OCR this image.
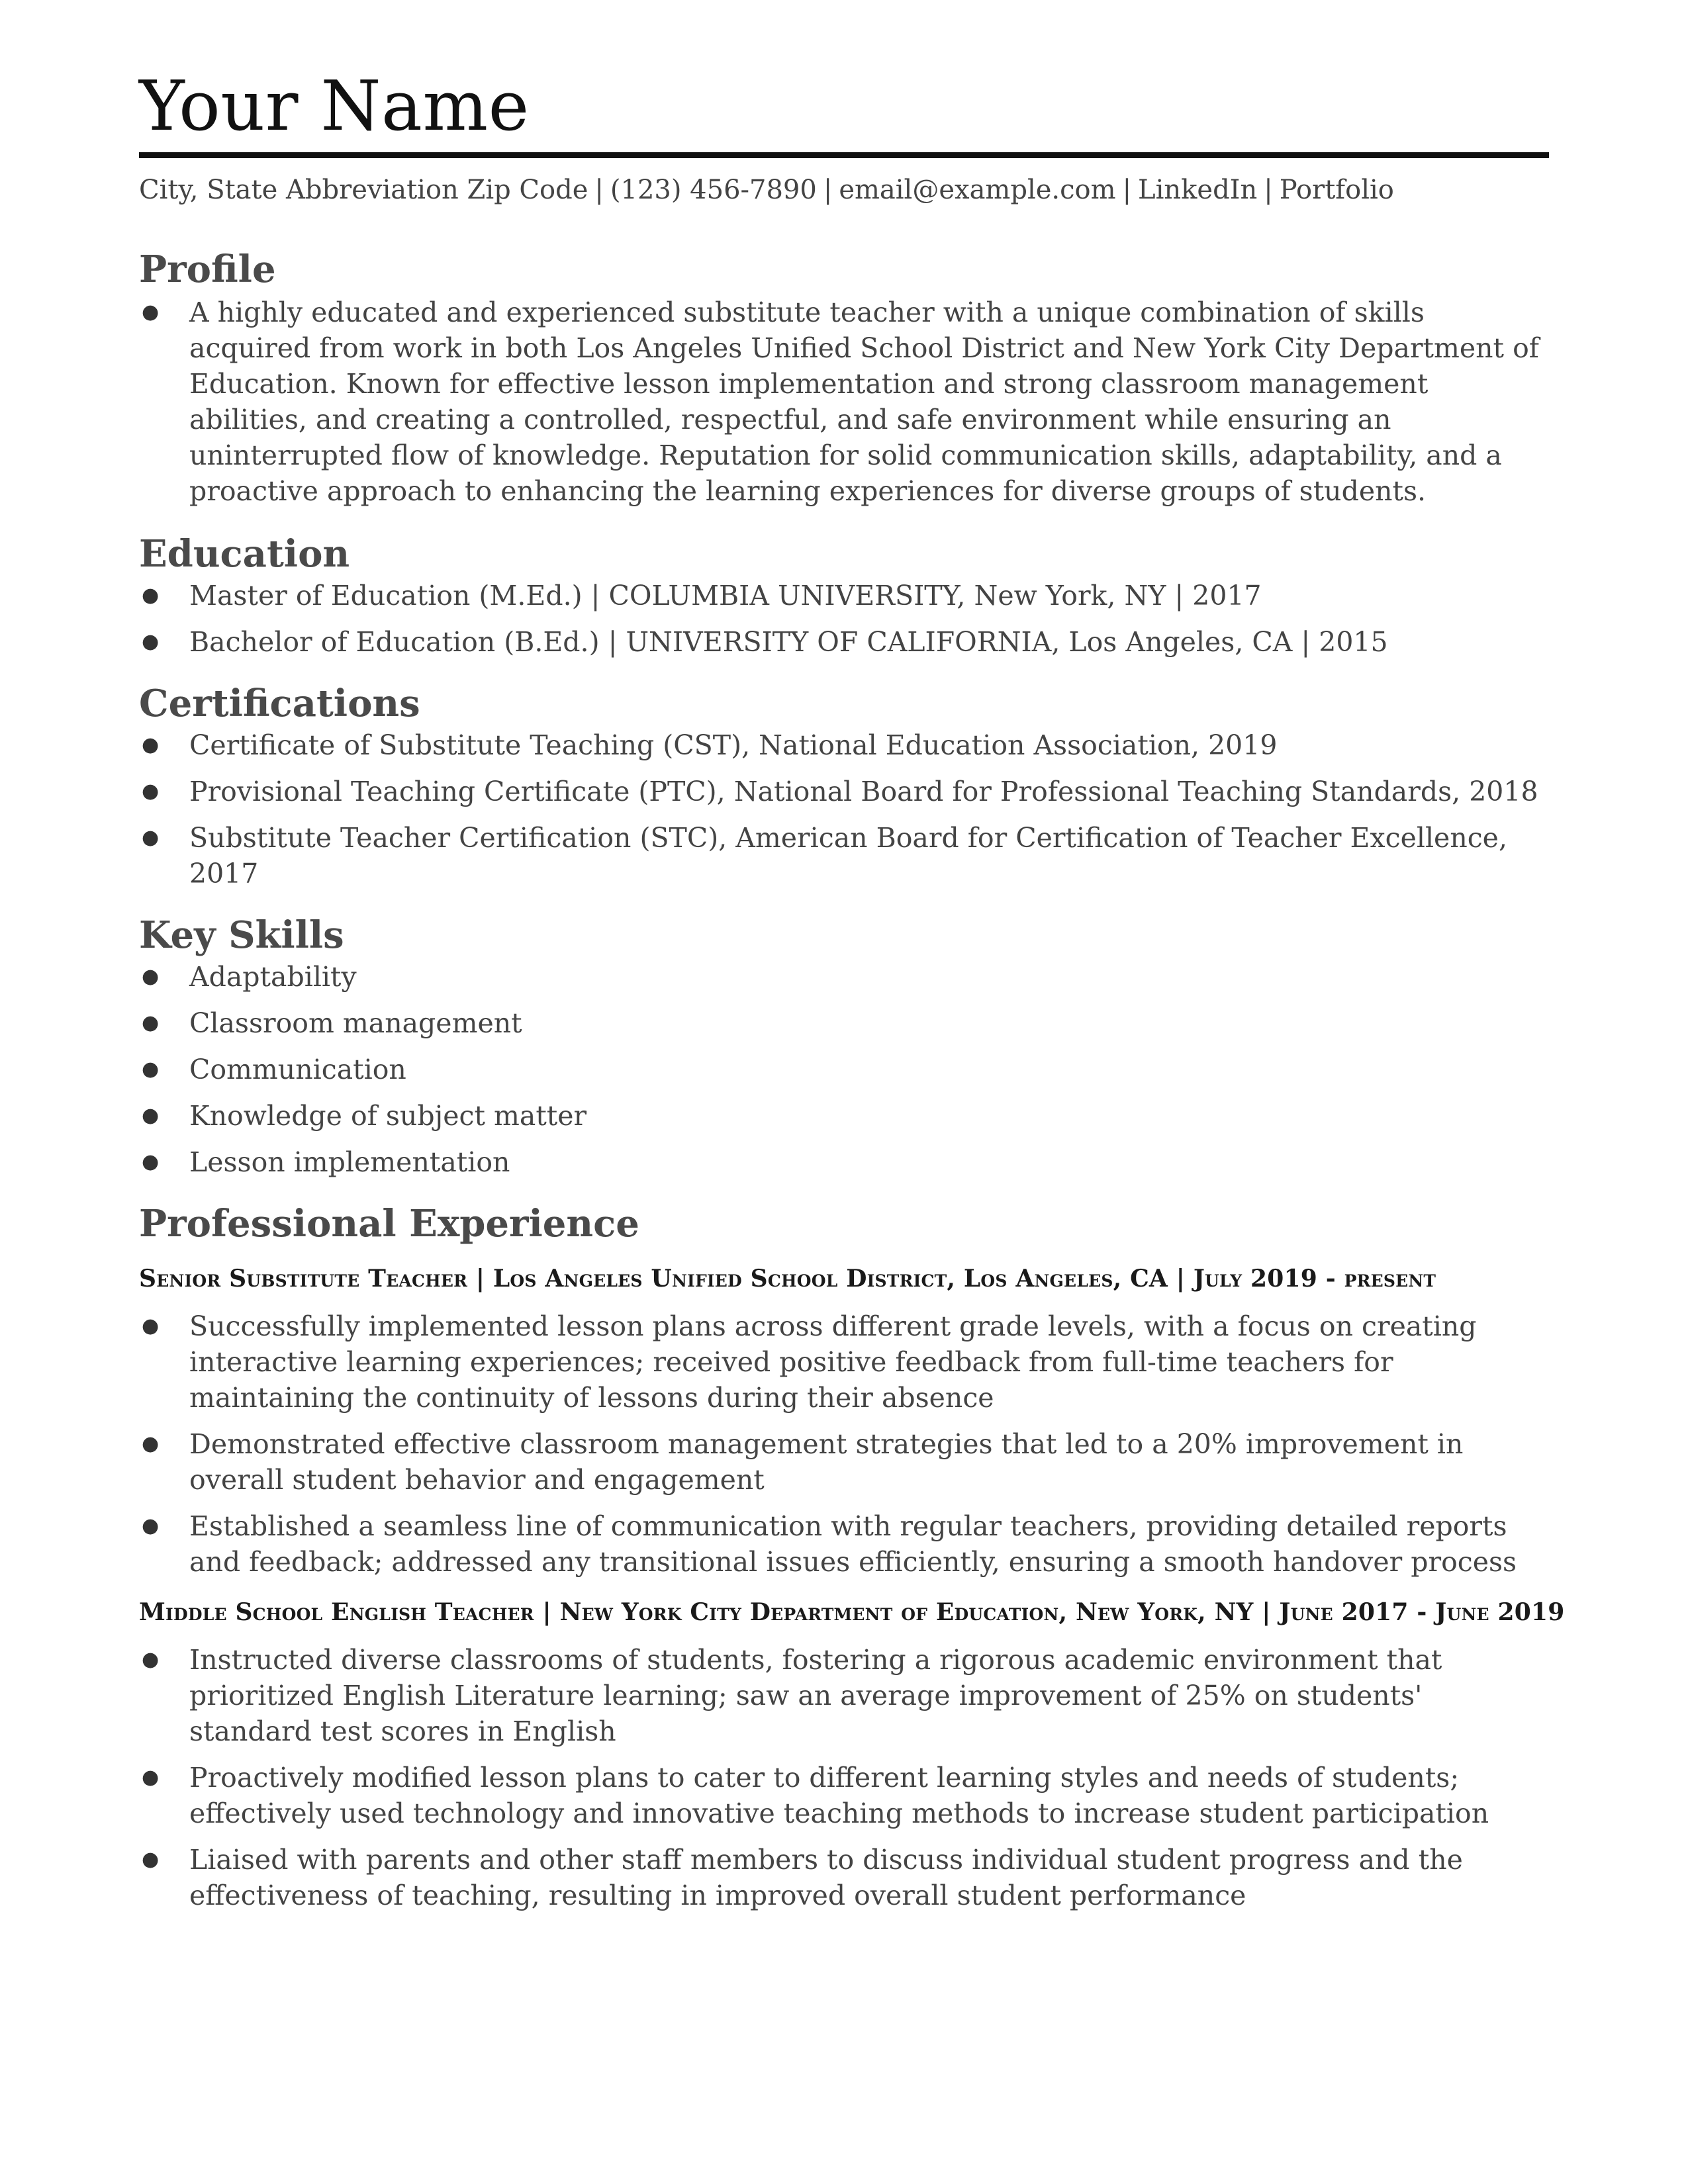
Your Name
City, State Abbreviation Zip Code | (123) 456-7890 | email@example.com | LinkedIn | Portfolio
Profile
● A highly educated and experienced substitute teacher with a unique combination of skills acquired from work in both Los Angeles Unified School District and New York City Department of Education. Known for effective lesson implementation and strong classroom management abilities, and creating a controlled, respectful, and safe environment while ensuring an uninterrupted flow of knowledge. Reputation for solid communication skills, adaptability, and a proactive approach to enhancing the learning experiences for diverse groups of students.
Education
● Master of Education (M.Ed.) | COLUMBIA UNIVERSITY, New York, NY | 2017
● Bachelor of Education (B.Ed.) | UNIVERSITY OF CALIFORNIA, Los Angeles, CA | 2015
Certifications
● Certificate of Substitute Teaching (CST), National Education Association, 2019
● Provisional Teaching Certificate (PTC), National Board for Professional Teaching Standards, 2018
● Substitute Teacher Certification (STC), American Board for Certification of Teacher Excellence, 2017
Key Skills
● Adaptability
● Classroom management
● Communication
● Knowledge of subject matter
● Lesson implementation
Professional Experience
Senior Substitute Teacher | Los Angeles Unified School District, Los Angeles, CA | July 2019 - present
● Successfully implemented lesson plans across different grade levels, with a focus on creating interactive learning experiences; received positive feedback from full-time teachers for maintaining the continuity of lessons during their absence
● Demonstrated effective classroom management strategies that led to a 20% improvement in overall student behavior and engagement
● Established a seamless line of communication with regular teachers, providing detailed reports and feedback; addressed any transitional issues efficiently, ensuring a smooth handover process
Middle School English Teacher | New York City Department of Education, New York, NY | June 2017 - June 2019
● Instructed diverse classrooms of students, fostering a rigorous academic environment that prioritized English Literature learning; saw an average improvement of 25% on students' standard test scores in English
● Proactively modified lesson plans to cater to different learning styles and needs of students; effectively used technology and innovative teaching methods to increase student participation
● Liaised with parents and other staff members to discuss individual student progress and the effectiveness of teaching, resulting in improved overall student performance
